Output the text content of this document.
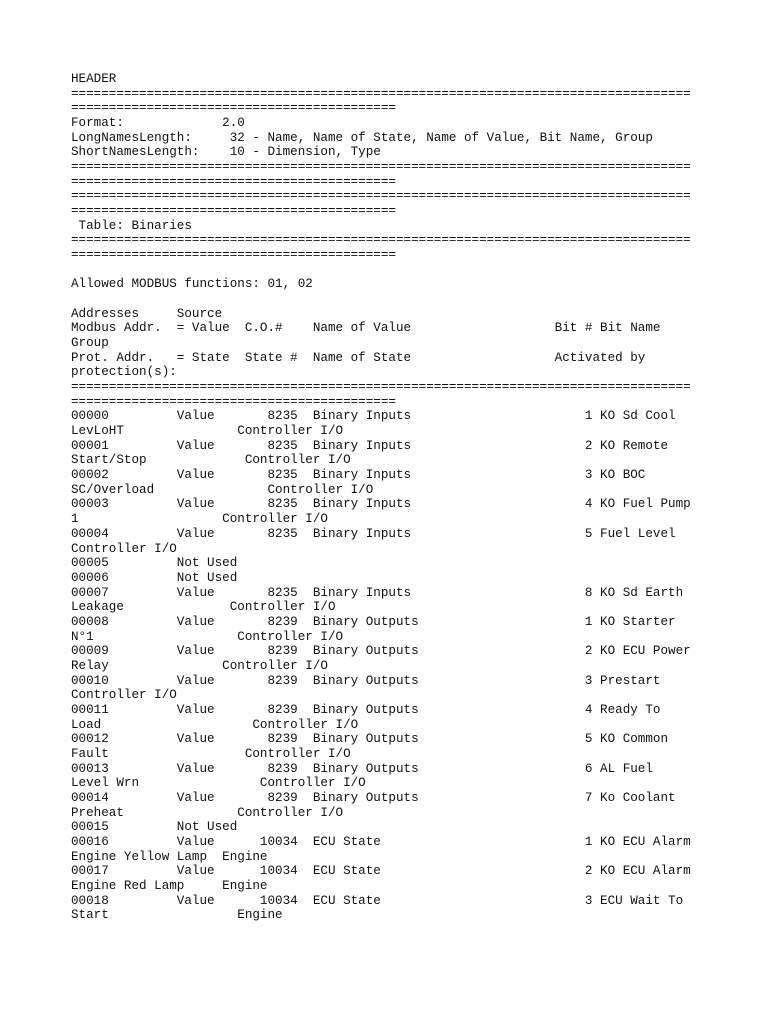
HEADER
==================================================================================
===========================================
Format:             2.0
LongNamesLength:     32 - Name, Name of State, Name of Value, Bit Name, Group
ShortNamesLength:    10 - Dimension, Type
==================================================================================
===========================================
==================================================================================
===========================================
Table: Binaries
==================================================================================
===========================================
Allowed MODBUS functions: 01, 02
Addresses     Source
Modbus Addr.  = Value  C.O.#    Name of Value                   Bit # Bit Name
Group
Prot. Addr.   = State  State #  Name of State                   Activated by
protection(s):
==================================================================================
===========================================
00000         Value       8235  Binary Inputs                       1 KO Sd Cool
LevLoHT               Controller I/O
00001         Value       8235  Binary Inputs                       2 KO Remote
Start/Stop             Controller I/O
00002         Value       8235  Binary Inputs                       3 KO BOC
SC/Overload               Controller I/O
00003         Value       8235  Binary Inputs                       4 KO Fuel Pump
1                   Controller I/O
00004         Value       8235  Binary Inputs                       5 Fuel Level
Controller I/O
00005         Not Used
00006         Not Used
00007         Value       8235  Binary Inputs                       8 KO Sd Earth
Leakage              Controller I/O
00008         Value       8239  Binary Outputs                      1 KO Starter
N°1                   Controller I/O
00009         Value       8239  Binary Outputs                      2 KO ECU Power
Relay               Controller I/O
00010         Value       8239  Binary Outputs                      3 Prestart
Controller I/O
00011         Value       8239  Binary Outputs                      4 Ready To
Load                    Controller I/O
00012         Value       8239  Binary Outputs                      5 KO Common
Fault                  Controller I/O
00013         Value       8239  Binary Outputs                      6 AL Fuel
Level Wrn                Controller I/O
00014         Value       8239  Binary Outputs                      7 Ko Coolant
Preheat               Controller I/O
00015         Not Used
00016         Value      10034  ECU State                           1 KO ECU Alarm
Engine Yellow Lamp  Engine
00017         Value      10034  ECU State                           2 KO ECU Alarm
Engine Red Lamp     Engine
00018         Value      10034  ECU State                           3 ECU Wait To
Start                 Engine
